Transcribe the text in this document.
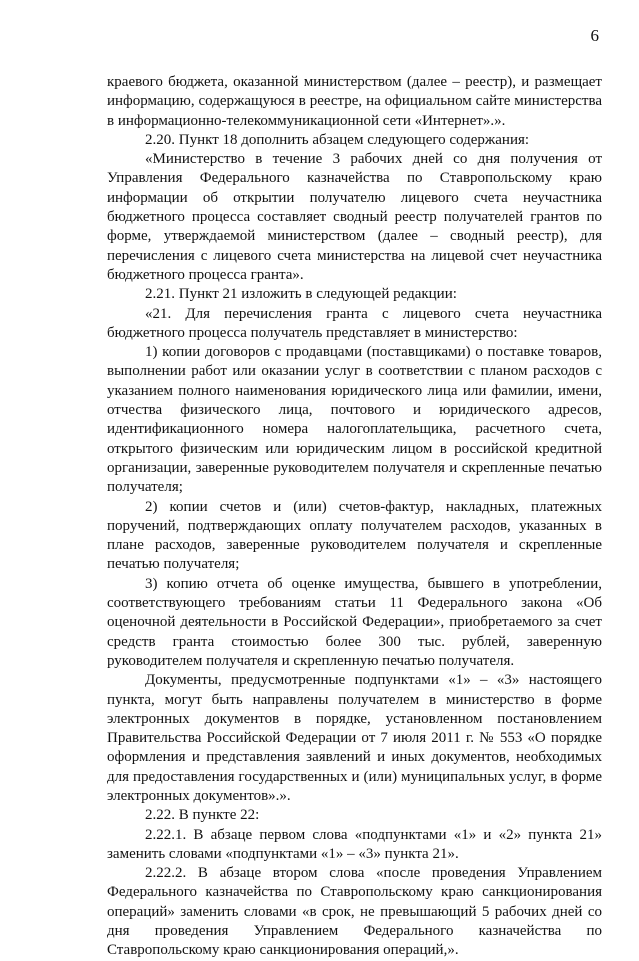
6

краевого бюджета, оказанной министерством (далее – реестр), и размещает информацию, содержащуюся в реестре, на официальном сайте министерства в информационно-телекоммуникационной сети «Интернет».».

2.20. Пункт 18 дополнить абзацем следующего содержания:

«Министерство в течение 3 рабочих дней со дня получения от Управления Федерального казначейства по Ставропольскому краю информации об открытии получателю лицевого счета неучастника бюджетного процесса составляет сводный реестр получателей грантов по форме, утверждаемой министерством (далее – сводный реестр), для перечисления с лицевого счета министерства на лицевой счет неучастника бюджетного процесса гранта».

2.21. Пункт 21 изложить в следующей редакции:

«21. Для перечисления гранта с лицевого счета неучастника бюджетного процесса получатель представляет в министерство:

1) копии договоров с продавцами (поставщиками) о поставке товаров, выполнении работ или оказании услуг в соответствии с планом расходов с указанием полного наименования юридического лица или фамилии, имени, отчества физического лица, почтового и юридического адресов, идентификационного номера налогоплательщика, расчетного счета, открытого физическим или юридическим лицом в российской кредитной организации, заверенные руководителем получателя и скрепленные печатью получателя;

2) копии счетов и (или) счетов-фактур, накладных, платежных поручений, подтверждающих оплату получателем расходов, указанных в плане расходов, заверенные руководителем получателя и скрепленные печатью получателя;

3) копию отчета об оценке имущества, бывшего в употреблении, соответствующего требованиям статьи 11 Федерального закона «Об оценочной деятельности в Российской Федерации», приобретаемого за счет средств гранта стоимостью более 300 тыс. рублей, заверенную руководителем получателя и скрепленную печатью получателя.

Документы, предусмотренные подпунктами «1» – «3» настоящего пункта, могут быть направлены получателем в министерство в форме электронных документов в порядке, установленном постановлением Правительства Российской Федерации от 7 июля 2011 г. № 553 «О порядке оформления и представления заявлений и иных документов, необходимых для предоставления государственных и (или) муниципальных услуг, в форме электронных документов».».

2.22. В пункте 22:

2.22.1. В абзаце первом слова «подпунктами «1» и «2» пункта 21» заменить словами «подпунктами «1» – «3» пункта 21».

2.22.2. В абзаце втором слова «после проведения Управлением Федерального казначейства по Ставропольскому краю санкционирования операций» заменить словами «в срок, не превышающий 5 рабочих дней со дня проведения Управлением Федерального казначейства по Ставропольскому краю санкционирования операций,».
